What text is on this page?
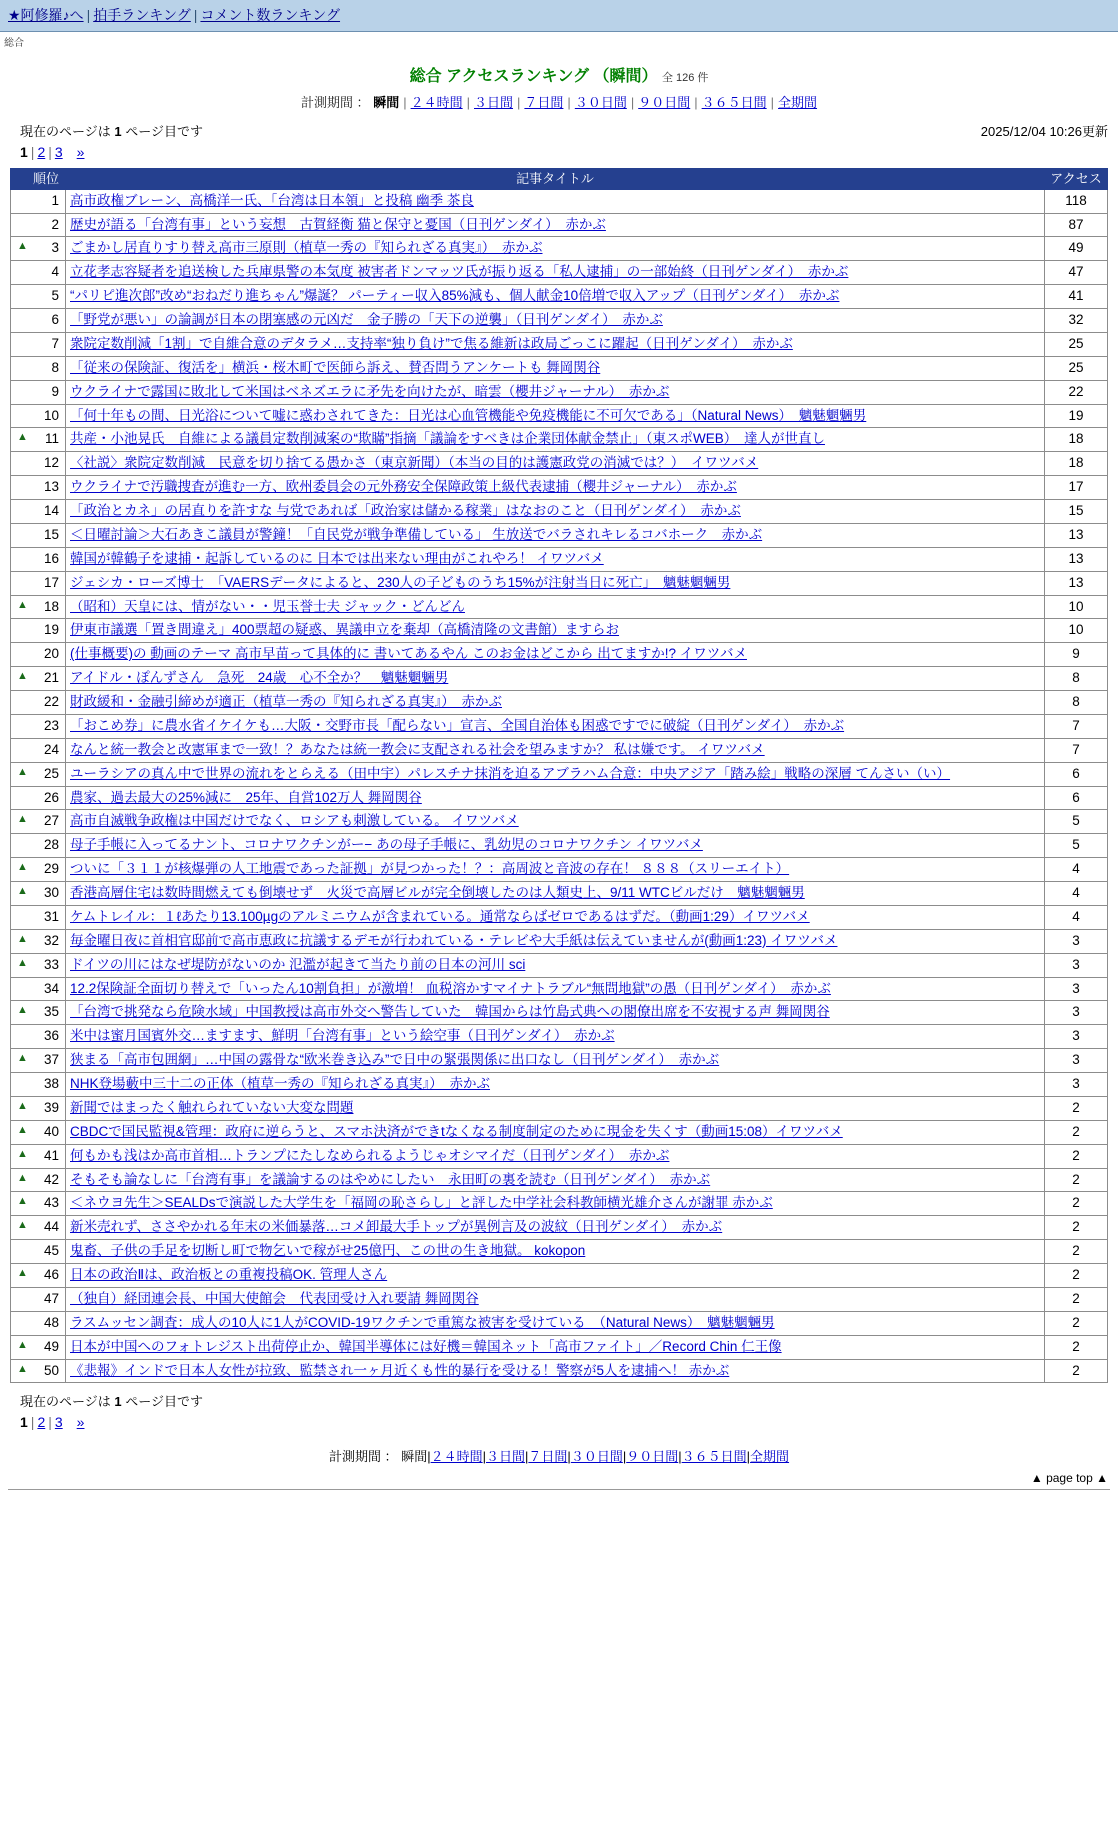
★阿修羅♪へ | 拍手ランキング | コメント数ランキング
総合
総合 アクセスランキング （瞬間） 全 126 件
計測期間 ： 瞬間 | ２４時間 | ３日間 | ７日間 | ３０日間 | ９０日間 | ３６５日間 | 全期間
現在のページは 1 ページ目です	2025/12/04 10:26更新
1 | 2 | 3　 »
順位	記事タイトル	アクセス
1	高市政権ブレーン、高橋洋一氏、「台湾は日本領」と投稿 幽季 茶良	118
2	歴史が語る「台湾有事」という妄想　古賀経衡 猫と保守と憂国（日刊ゲンダイ）　赤かぶ	87

▲ 3	ごまかし居直りすり替え高市三原則（植草一秀の『知られざる真実』）　赤かぶ	49
4	立花孝志容疑者を追送検した兵庫県警の本気度 被害者ドンマッツ氏が振り返る「私人逮捕」の一部始終（日刊ゲンダイ）　赤かぶ	47
5	“パリピ進次郎”改め“おねだり進ちゃん”爆誕？ パーティー収入85%減も、個人献金10倍増で収入アップ（日刊ゲンダイ）　赤かぶ	41
6	「野党が悪い」の論調が日本の閉塞感の元凶だ　金子勝の「天下の逆襲」（日刊ゲンダイ）　赤かぶ	32
7	衆院定数削減「1割」で自維合意のデタラメ…支持率“独り負け”で焦る維新は政局ごっこに躍起（日刊ゲンダイ）　赤かぶ	25
8	「従来の保険証、復活を」横浜・桜木町で医師ら訴え、賛否問うアンケートも 舞岡関谷	25
9	ウクライナで露国に敗北して米国はベネズエラに矛先を向けたが、暗雲（櫻井ジャーナル）　赤かぶ	22
10	「何十年もの間、日光浴について嘘に惑わされてきた：日光は心血管機能や免疫機能に不可欠である」（Natural News）　魑魅魍魎男	19

▲ 11	共産・小池晃氏　自維による議員定数削減案の“欺瞞”指摘「議論をすべきは企業団体献金禁止」（東スポWEB）　達人が世直し	18
12	〈社説〉衆院定数削減　民意を切り捨てる愚かさ（東京新聞）（本当の目的は護憲政党の消滅では？）　イワツバメ	18
13	ウクライナで汚職捜査が進む一方、欧州委員会の元外務安全保障政策上級代表逮捕（櫻井ジャーナル）　赤かぶ	17
14	「政治とカネ」の居直りを許すな 与党であれば「政治家は儲かる稼業」はなおのこと（日刊ゲンダイ）　赤かぶ	15
15	＜日曜討論＞大石あきこ議員が警鐘！「自民党が戦争準備している」 生放送でバラされキレるコバホーク　赤かぶ	13
16	韓国が韓鶴子を逮捕・起訴しているのに 日本では出来ない理由がこれやろ！ イワツバメ	13
17	ジェシカ・ローズ博士　「VAERSデータによると、230人の子どものうち15%が注射当日に死亡」　魑魅魍魎男	13

▲ 18	（昭和）天皇には、情がない・・児玉誉士夫 ジャック・どんどん	10
19	伊東市議選「置き間違え」400票超の疑惑、異議申立を棄却（高橋清隆の文書館）ますらお	10
20	(仕事概要)の 動画のテーマ 高市早苗って具体的に 書いてあるやん このお金はどこから 出てますか!? イワツバメ	9

▲ 21	アイドル・ぽんずさん　急死　24歳　心不全か？　魑魅魍魎男	8
22	財政緩和・金融引締めが適正（植草一秀の『知られざる真実』）　赤かぶ	8
23	「おこめ券」に農水省イケイケも…大阪・交野市長「配らない」宣言、全国自治体も困惑ですでに破綻（日刊ゲンダイ）　赤かぶ	7
24	なんと統一教会と改憲軍まで一致！？あなたは統一教会に支配される社会を望みますか？ 私は嫌です。 イワツバメ	7

▲ 25	ユーラシアの真ん中で世界の流れをとらえる（田中宇）パレスチナ抹消を迫るアブラハム合意：中央アジア「踏み絵」戦略の深層 てんさい（い）	6
26	農家、過去最大の25%減に　25年、自営102万人 舞岡関谷	6

▲ 27	高市自滅戦争政権は中国だけでなく、ロシアも刺激している。 イワツバメ	5
28	母子手帳に入ってるナント、コロナワクチンがー− あの母子手帳に、乳幼児のコロナワクチン イワツバメ	5

▲ 29	ついに「３１１が核爆弾の人工地震であった証拠」が見つかった！？：高周波と音波の存在！ ８８８（スリーエイト）	4

▲ 30	香港高層住宅は数時間燃えても倒壊せず　火災で高層ビルが完全倒壊したのは人類史上、9/11 WTCビルだけ　魑魅魍魎男	4
31	ケムトレイル：１ℓあたり13.100µgのアルミニウムが含まれている。通常ならばゼロであるはずだ。（動画1:29）イワツバメ	4

▲ 32	毎金曜日夜に首相官邸前で高市恵政に抗議するデモが行われている・テレビや大手紙は伝えていませんが(動画1:23) イワツバメ	3

▲ 33	ドイツの川にはなぜ堤防がないのか 氾濫が起きて当たり前の日本の河川 sci	3
34	12.2保険証全面切り替えで「いったん10割負担」が激増！ 血税溶かすマイナトラブル“無問地獄”の愚（日刊ゲンダイ）　赤かぶ	3

▲ 35	「台湾で挑発なら危険水域」中国教授は高市外交へ警告していた　韓国からは竹島式典への閣僚出席を不安視する声 舞岡関谷	3
36	米中は蜜月国賓外交…ますます、鮮明「台湾有事」という絵空事（日刊ゲンダイ）　赤かぶ	3

▲ 37	狭まる「高市包囲網」…中国の露骨な“欧米巻き込み”で日中の緊張関係に出口なし（日刊ゲンダイ）　赤かぶ	3
38	NHK登場藪中三十二の正体（植草一秀の『知られざる真実』）　赤かぶ	3

▲ 39	新聞ではまったく触れられていない大変な問題	2

▲ 40	CBDCで国民監視&管理：政府に逆らうと、スマホ決済ができtなくなる制度制定のために現金を失くす（動画15:08）イワツバメ	2

▲ 41	何もかも浅はか高市首相…トランプにたしなめられるようじゃオシマイだ（日刊ゲンダイ）　赤かぶ	2

▲ 42	そもそも論なしに「台湾有事」を議論するのはやめにしたい　永田町の裏を読む（日刊ゲンダイ）　赤かぶ	2

▲ 43	＜ネウヨ先生＞SEALDsで演説した大学生を「福岡の恥さらし」と評した中学社会科教師横光雄介さんが謝罪 赤かぶ	2

▲ 44	新米売れず、ささやかれる年末の米価暴落…コメ卸最大手トップが異例言及の波紋（日刊ゲンダイ）　赤かぶ	2
45	鬼畜、子供の手足を切断し町で物乞いで稼がせ25億円、この世の生き地獄。 kokopon	2

▲ 46	日本の政治Ⅱは、政治板との重複投稿OK. 管理人さん	2
47	（独自）経団連会長、中国大使館会　代表団受け入れ要請 舞岡関谷	2
48	ラスムッセン調査：成人の10人に1人がCOVID-19ワクチンで重篤な被害を受けている　（Natural News）　魑魅魍魎男	2

▲ 49	日本が中国へのフォトレジスト出荷停止か、韓国半導体には好機＝韓国ネット「高市ファイト」／Record Chin 仁王像	2

▲ 50	《悲報》インドで日本人女性が拉致、監禁され一ヶ月近くも性的暴行を受ける！警察が5人を逮捕へ！ 赤かぶ	2
現在のページは 1 ページ目です
1 | 2 | 3　 »
計測期間 ： 瞬間|２４時間|３日間|７日間|３０日間|９０日間|３６５日間|全期間
▲ page top ▲
